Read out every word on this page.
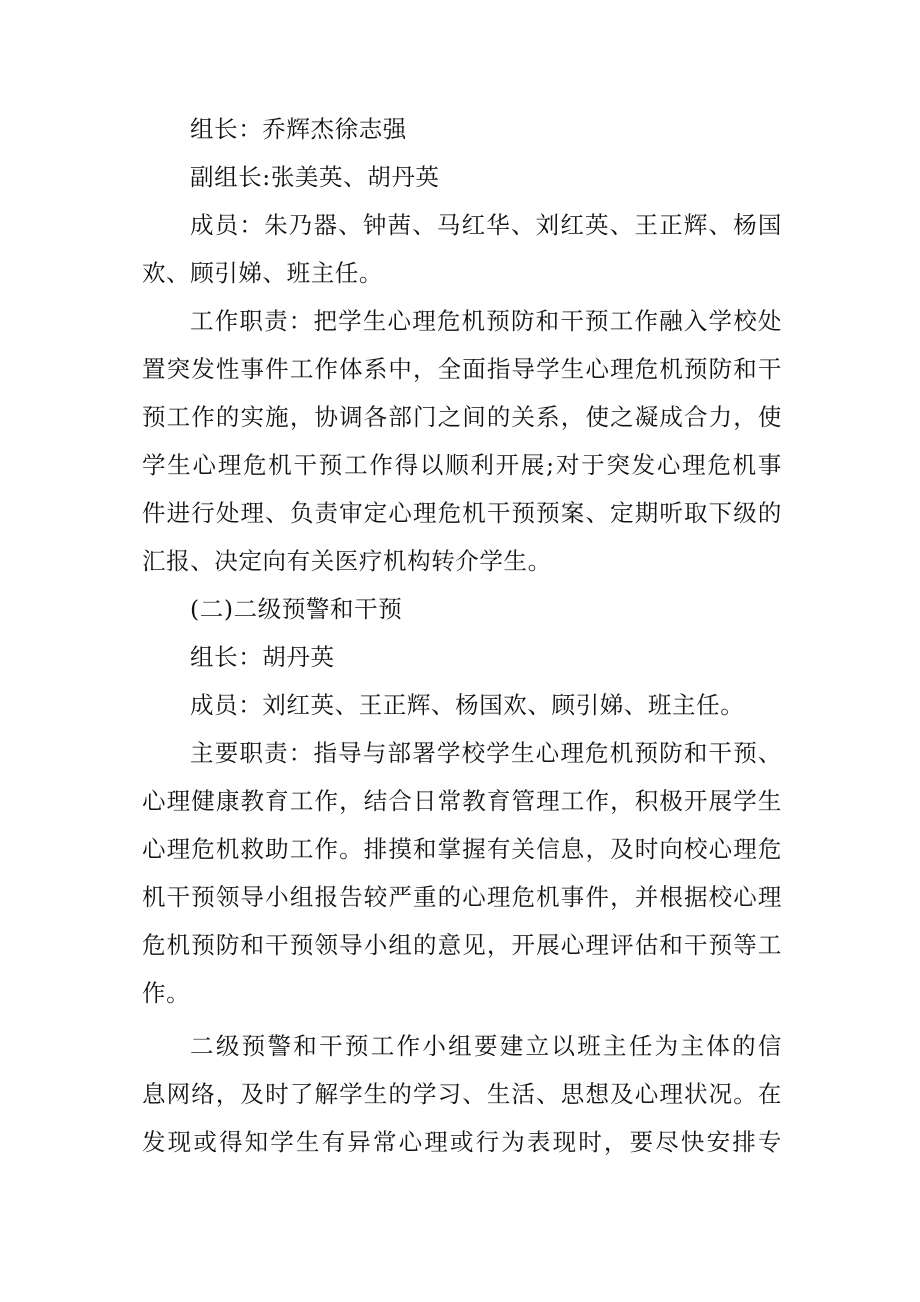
组长：乔辉杰徐志强
副组长:张美英、胡丹英
成员：朱乃器、钟茜、马红华、刘红英、王正辉、杨国
欢、顾引娣、班主任。
工作职责：把学生心理危机预防和干预工作融入学校处
置突发性事件工作体系中，全面指导学生心理危机预防和干
预工作的实施，协调各部门之间的关系，使之凝成合力，使
学生心理危机干预工作得以顺利开展;对于突发心理危机事
件进行处理、负责审定心理危机干预预案、定期听取下级的
汇报、决定向有关医疗机构转介学生。
(二)二级预警和干预
组长：胡丹英
成员：刘红英、王正辉、杨国欢、顾引娣、班主任。
主要职责：指导与部署学校学生心理危机预防和干预、
心理健康教育工作，结合日常教育管理工作，积极开展学生
心理危机救助工作。排摸和掌握有关信息，及时向校心理危
机干预领导小组报告较严重的心理危机事件，并根据校心理
危机预防和干预领导小组的意见，开展心理评估和干预等工
作。
二级预警和干预工作小组要建立以班主任为主体的信
息网络，及时了解学生的学习、生活、思想及心理状况。在
发现或得知学生有异常心理或行为表现时，要尽快安排专
